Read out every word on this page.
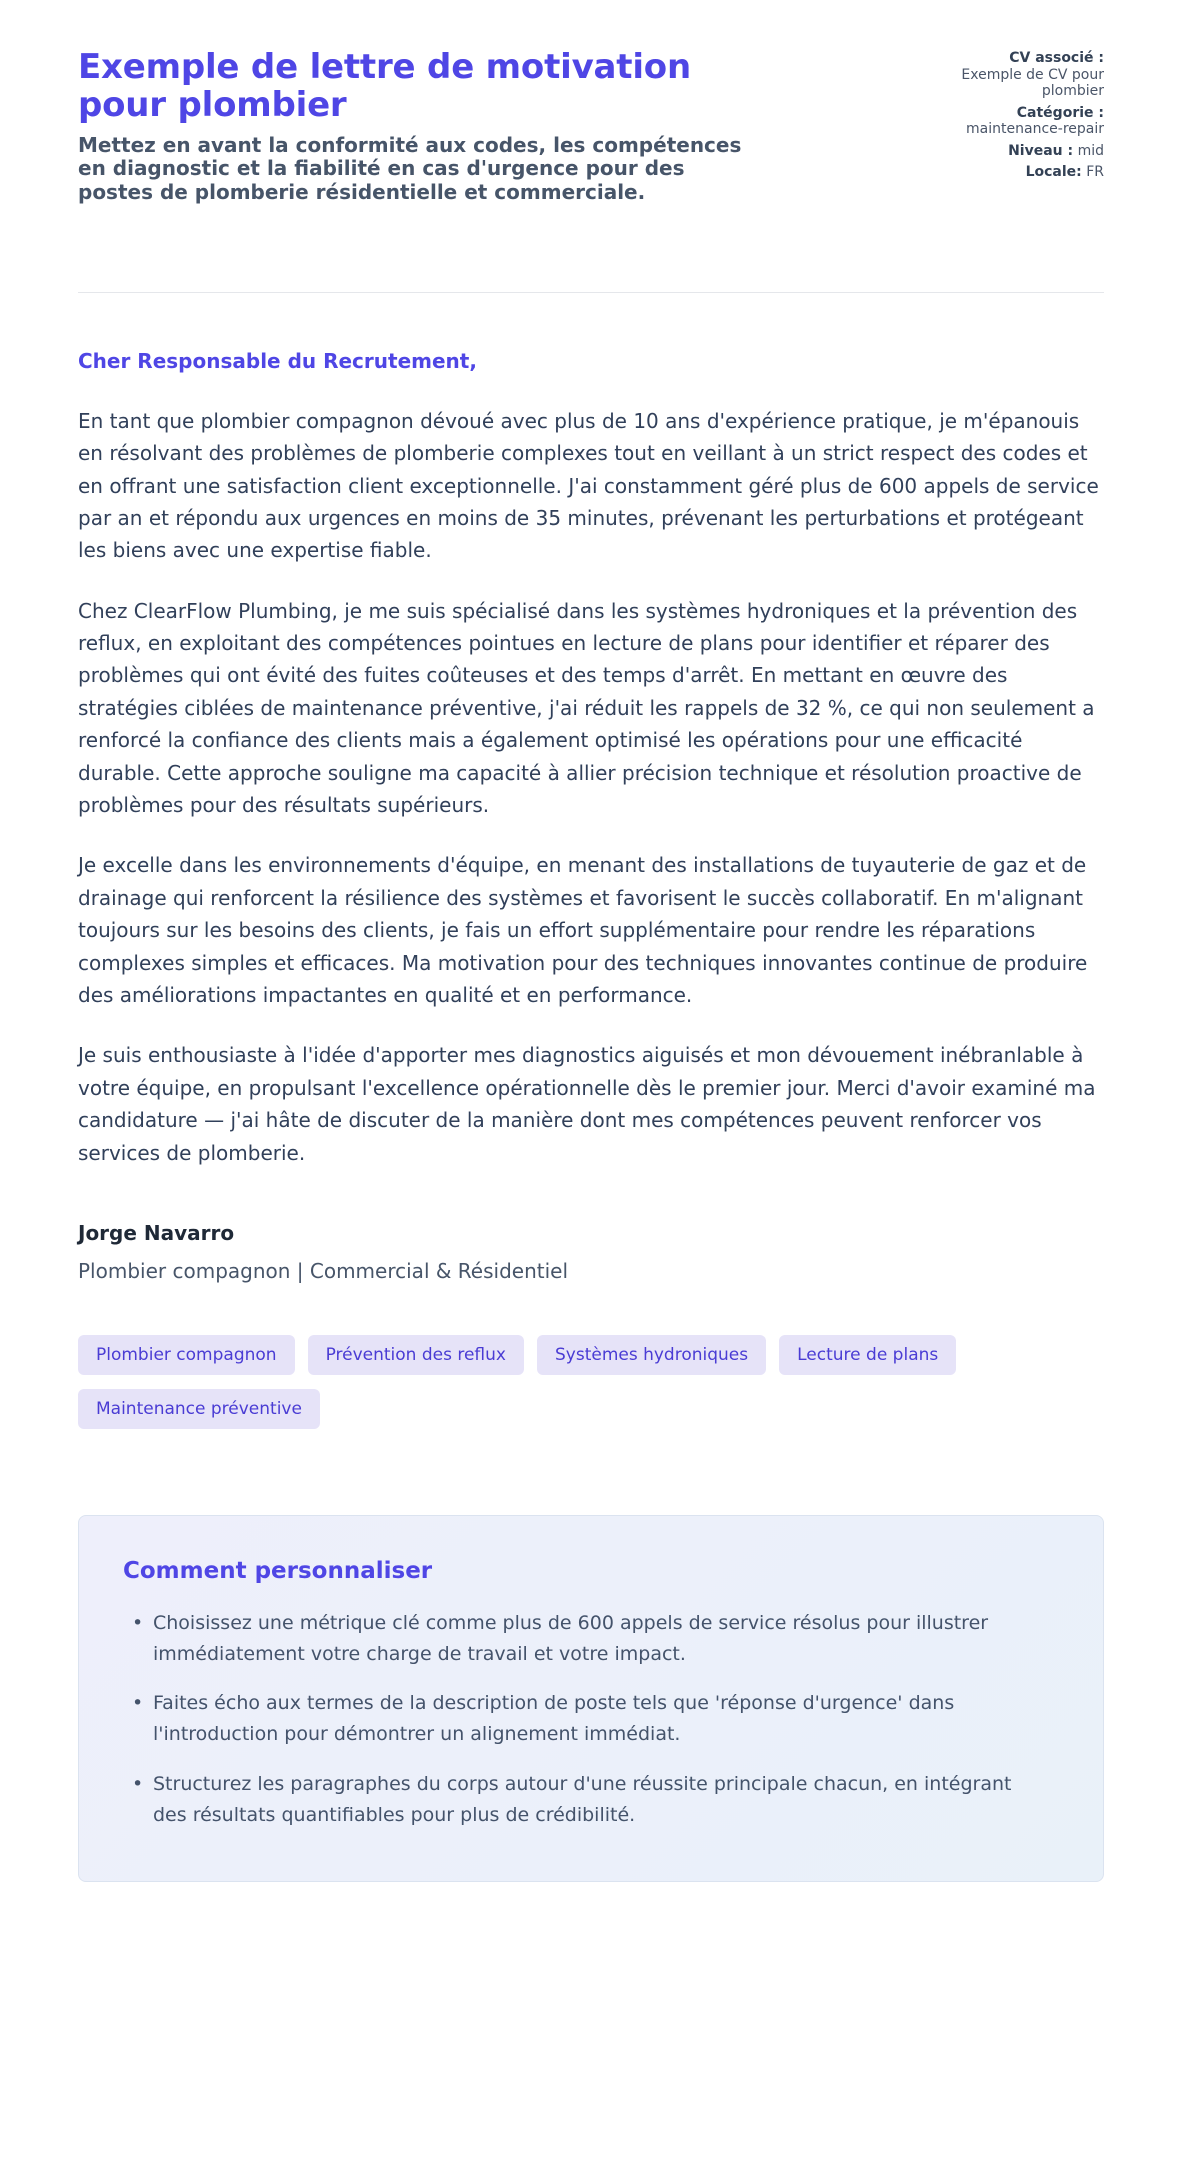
Exemple de lettre de motivation pour plombier

Mettez en avant la conformité aux codes, les compétences en diagnostic et la fiabilité en cas d'urgence pour des postes de plomberie résidentielle et commerciale.

CV associé :
Exemple de CV pour plombier
Catégorie :
maintenance-repair
Niveau : mid
Locale: FR

Cher Responsable du Recrutement,

En tant que plombier compagnon dévoué avec plus de 10 ans d'expérience pratique, je m'épanouis en résolvant des problèmes de plomberie complexes tout en veillant à un strict respect des codes et en offrant une satisfaction client exceptionnelle. J'ai constamment géré plus de 600 appels de service par an et répondu aux urgences en moins de 35 minutes, prévenant les perturbations et protégeant les biens avec une expertise fiable.

Chez ClearFlow Plumbing, je me suis spécialisé dans les systèmes hydroniques et la prévention des reflux, en exploitant des compétences pointues en lecture de plans pour identifier et réparer des problèmes qui ont évité des fuites coûteuses et des temps d'arrêt. En mettant en œuvre des stratégies ciblées de maintenance préventive, j'ai réduit les rappels de 32 %, ce qui non seulement a renforcé la confiance des clients mais a également optimisé les opérations pour une efficacité durable. Cette approche souligne ma capacité à allier précision technique et résolution proactive de problèmes pour des résultats supérieurs.

Je excelle dans les environnements d'équipe, en menant des installations de tuyauterie de gaz et de drainage qui renforcent la résilience des systèmes et favorisent le succès collaboratif. En m'alignant toujours sur les besoins des clients, je fais un effort supplémentaire pour rendre les réparations complexes simples et efficaces. Ma motivation pour des techniques innovantes continue de produire des améliorations impactantes en qualité et en performance.

Je suis enthousiaste à l'idée d'apporter mes diagnostics aiguisés et mon dévouement inébranlable à votre équipe, en propulsant l'excellence opérationnelle dès le premier jour. Merci d'avoir examiné ma candidature — j'ai hâte de discuter de la manière dont mes compétences peuvent renforcer vos services de plomberie.

Jorge Navarro

Plombier compagnon | Commercial & Résidentiel

Plombier compagnon	Prévention des reflux	Systèmes hydroniques	Lecture de plans
Maintenance préventive
Comment personnaliser
• Choisissez une métrique clé comme plus de 600 appels de service résolus pour illustrer immédiatement votre charge de travail et votre impact.
• Faites écho aux termes de la description de poste tels que 'réponse d'urgence' dans l'introduction pour démontrer un alignement immédiat.
• Structurez les paragraphes du corps autour d'une réussite principale chacun, en intégrant des résultats quantifiables pour plus de crédibilité.
